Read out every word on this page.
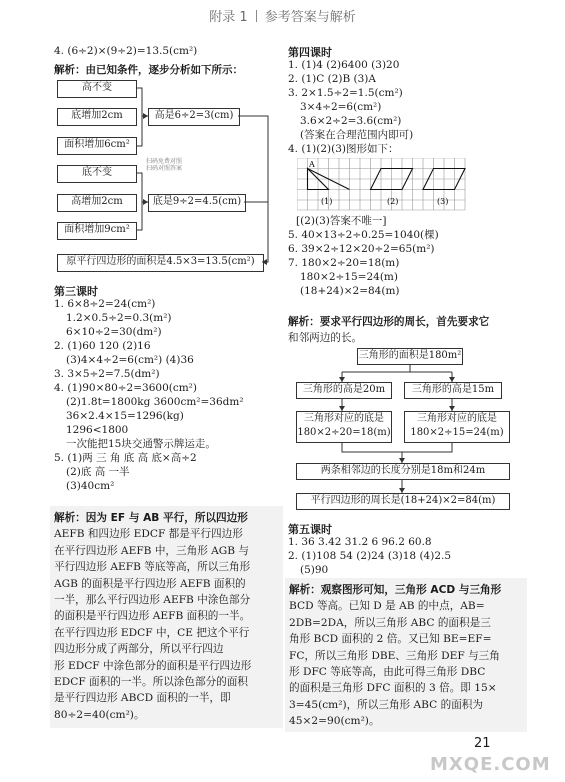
附录 1 参考答案与解析
4. (6÷2)×(9÷2)=13.5(cm²)
解析：由已知条件，逐步分析如下所示：
高不变
底增加2cm
面积增加6cm²
底不变
高增加2cm
面积增加9cm²
高是6÷2=3(cm)
底是9÷2=4.5(cm)
原平行四边形的面积是4.5×3=13.5(cm²)
扫码免费对照
扫码对照答案
第三课时
1. 6×8÷2=24(cm²)
1.2×0.5÷2=0.3(m²)
6×10÷2=30(dm²)
2. (1)60 120 (2)16
(3)4×4÷2=6(cm²) (4)36
3. 3×5÷2=7.5(dm²)
4. (1)90×80÷2=3600(cm²)
(2)1.8t=1800kg 3600cm²=36dm²
36×2.4×15=1296(kg)
1296<1800
一次能把15块交通警示牌运走。
5. (1)两 三 角 底 高 底×高÷2
(2)底 高 一半
(3)40cm²
解析：因为 EF 与 AB 平行，所以四边形
AEFB 和四边形 EDCF 都是平行四边形
在平行四边形 AEFB 中，三角形 AGB 与
平行四边形 AEFB 等底等高，所以三角形
AGB 的面积是平行四边形 AEFB 面积的
一半，那么平行四边形 AEFB 中涂色部分
的面积是平行四边形 AEFB 面积的一半。
在平行四边形 EDCF 中，CE 把这个平行
四边形分成了两部分，所以平行四边
形 EDCF 中涂色部分的面积是平行四边形
EDCF 面积的一半。所以涂色部分的面积
是平行四边形 ABCD 面积的一半，即
80÷2=40(cm²)。
第四课时
1. (1)4 (2)6400 (3)20
2. (1)C (2)B (3)A
3. 2×1.5÷2=1.5(cm²)
3×4÷2=6(cm²)
3.6×2÷2=3.6(cm²)
(答案在合理范围内即可)
4. (1)(2)(3)图形如下：
A
(1)	(2)	(3)
[(2)(3)答案不唯一]
5. 40×13÷2÷0.25=1040(棵)
6. 39×2÷12×20÷2=65(m²)
7. 180×2÷20=18(m)
180×2÷15=24(m)
(18+24)×2=84(m)
解析：要求平行四边形的周长，首先要求它
和邻两边的长。
三角形的面积是180m²
三角形的高是20m	三角形的高是15m
三角形对应的底是
180×2÷20=18(m)
三角形对应的底是
180×2÷15=24(m)
两条相邻边的长度分别是18m和24m
平行四边形的周长是(18+24)×2=84(m)
第五课时
1. 36 3.42 31.2 6 96.2 60.8
2. (1)108 54 (2)24 (3)18 (4)2.5
(5)90
解析：观察图形可知，三角形 ACD 与三角形
BCD 等高。已知 D 是 AB 的中点，AB=
2DB=2DA，所以三角形 ABC 的面积是三
角形 BCD 面积的 2 倍。又已知 BE=EF=
FC，所以三角形 DBE、三角形 DEF 与三角
形 DFC 等底等高，由此可得三角形 DBC
的面积是三角形 DFC 面积的 3 倍。即 15×
3=45(cm²)，所以三角形 ABC 的面积为
45×2=90(cm²)。
21
MXQE.COM
